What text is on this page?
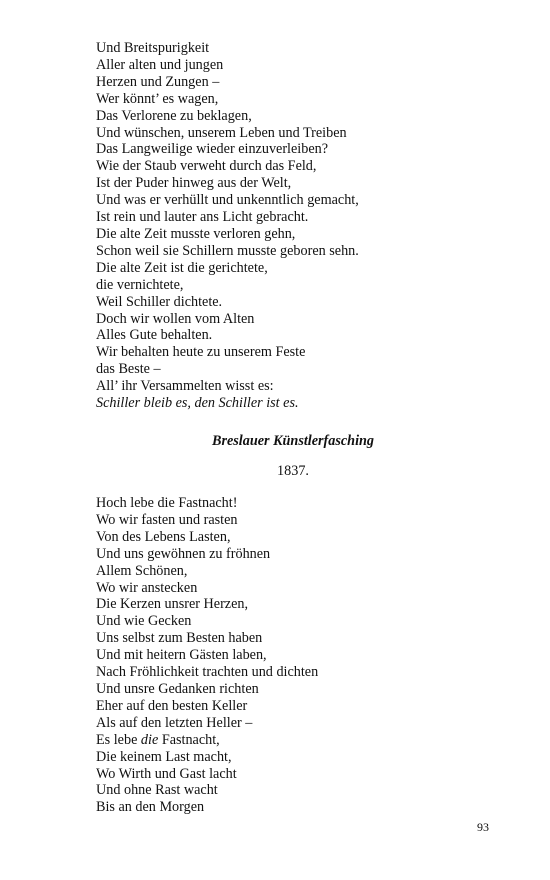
Und Breitspurigkeit
Aller alten und jungen
Herzen und Zungen –
Wer könnt’ es wagen,
Das Verlorene zu beklagen,
Und wünschen, unserem Leben und Treiben
Das Langweilige wieder einzuverleiben?
Wie der Staub verweht durch das Feld,
Ist der Puder hinweg aus der Welt,
Und was er verhüllt und unkenntlich gemacht,
Ist rein und lauter ans Licht gebracht.
Die alte Zeit musste verloren gehn,
Schon weil sie Schillern musste geboren sehn.
Die alte Zeit ist die gerichtete,
die vernichtete,
Weil Schiller dichtete.
Doch wir wollen vom Alten
Alles Gute behalten.
Wir behalten heute zu unserem Feste
das Beste –
All’ ihr Versammelten wisst es:
Schiller bleib es, den Schiller ist es.
Breslauer Künstlerfasching
1837.
Hoch lebe die Fastnacht!
Wo wir fasten und rasten
Von des Lebens Lasten,
Und uns gewöhnen zu fröhnen
Allem Schönen,
Wo wir anstecken
Die Kerzen unsrer Herzen,
Und wie Gecken
Uns selbst zum Besten haben
Und mit heitern Gästen laben,
Nach Fröhlichkeit trachten und dichten
Und unsre Gedanken richten
Eher auf den besten Keller
Als auf den letzten Heller –
Es lebe die Fastnacht,
Die keinem Last macht,
Wo Wirth und Gast lacht
Und ohne Rast wacht
Bis an den Morgen
93
